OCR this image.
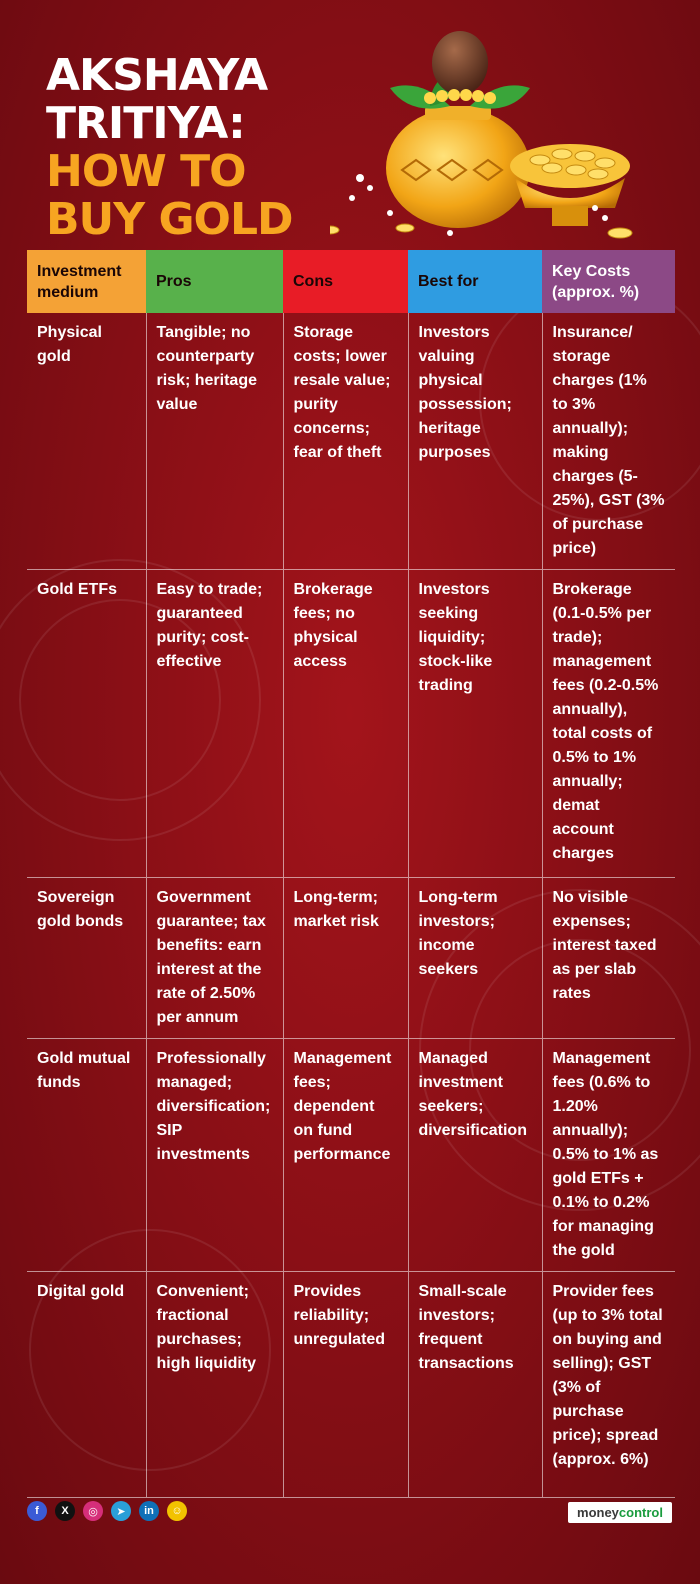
AKSHAYA
TRITIYA:
HOW TO
BUY GOLD
Investment medium	Pros	Cons	Best for	Key Costs (approx. %)
Physical gold	Tangible; no counterparty risk; heritage value	Storage costs; lower resale value; purity concerns; fear of theft	Investors valuing physical possession; heritage purposes	Insurance/ storage charges (1% to 3% annually); making charges (5-25%), GST (3% of purchase price)
Gold ETFs	Easy to trade; guaranteed purity; cost-effective	Brokerage fees; no physical access	Investors seeking liquidity; stock-like trading	Brokerage (0.1-0.5% per trade); management fees (0.2-0.5% annually), total costs of 0.5% to 1% annually; demat account charges
Sovereign gold bonds	Government guarantee; tax benefits: earn interest at the rate of 2.50% per annum	Long-term; market risk	Long-term investors; income seekers	No visible expenses; interest taxed as per slab rates
Gold mutual funds	Professionally managed; diversification; SIP investments	Management fees; dependent on fund performance	Managed investment seekers; diversification	Management fees (0.6% to 1.20% annually); 0.5% to 1% as gold ETFs + 0.1% to 0.2% for managing the gold
Digital gold	Convenient; fractional purchases; high liquidity	Provides reliability; unregulated	Small-scale investors; frequent transactions	Provider fees (up to 3% total on buying and selling); GST (3% of purchase price); spread (approx. 6%)
f	X	◎	➤	in	☺	moneycontrol
